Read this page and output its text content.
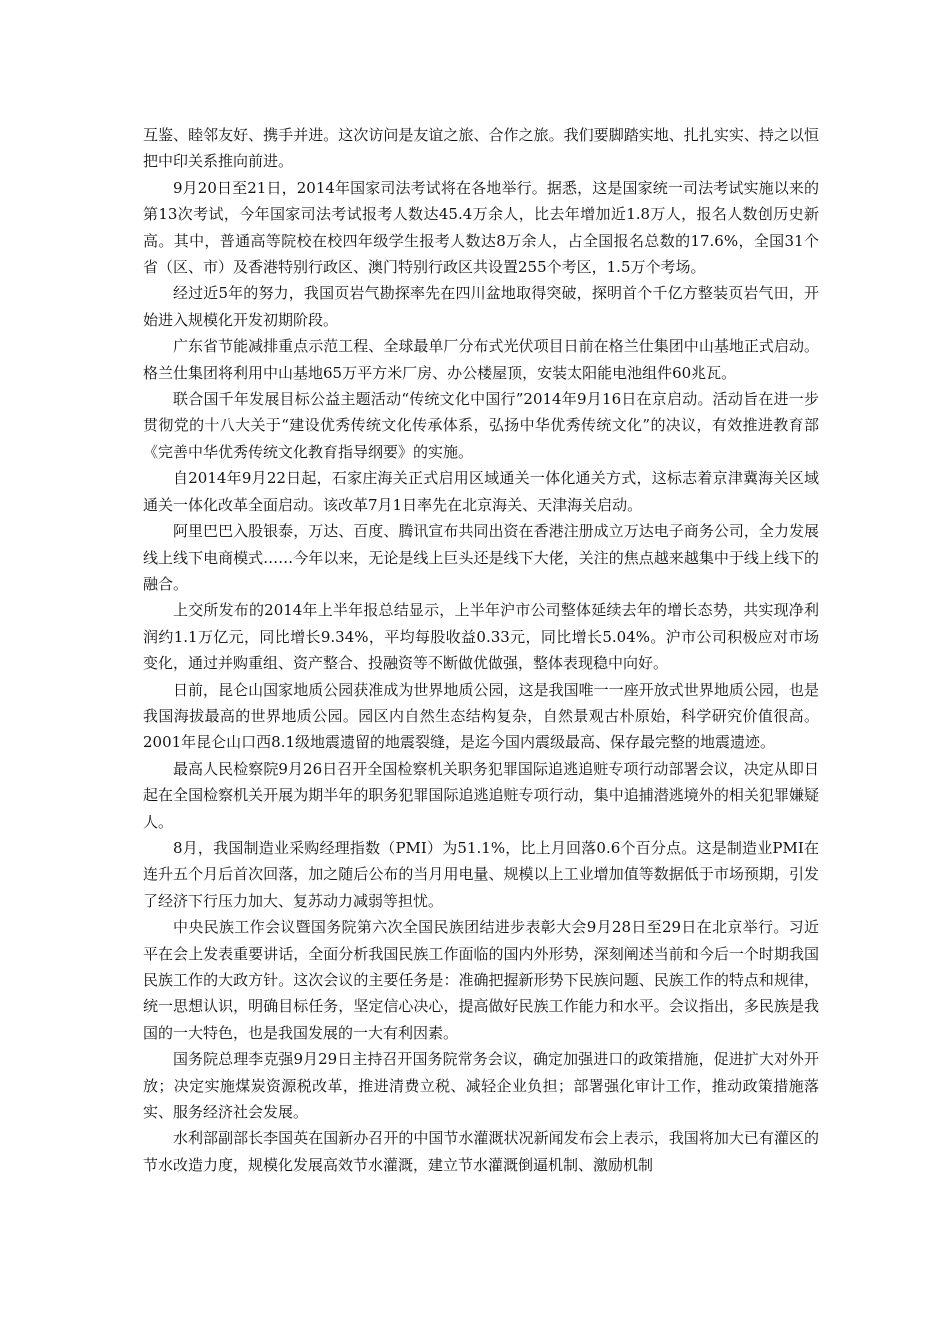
互鉴、睦邻友好、携手并进。这次访问是友谊之旅、合作之旅。我们要脚踏实地、扎扎实实、持之以恒把中印关系推向前进。

9月20日至21日，2014年国家司法考试将在各地举行。据悉，这是国家统一司法考试实施以来的第13次考试，今年国家司法考试报考人数达45.4万余人，比去年增加近1.8万人，报名人数创历史新高。其中，普通高等院校在校四年级学生报考人数达8万余人，占全国报名总数的17.6%，全国31个省（区、市）及香港特别行政区、澳门特别行政区共设置255个考区，1.5万个考场。

经过近5年的努力，我国页岩气勘探率先在四川盆地取得突破，探明首个千亿方整装页岩气田，开始进入规模化开发初期阶段。

广东省节能减排重点示范工程、全球最单厂分布式光伏项目日前在格兰仕集团中山基地正式启动。格兰仕集团将利用中山基地65万平方米厂房、办公楼屋顶，安装太阳能电池组件60兆瓦。

联合国千年发展目标公益主题活动“传统文化中国行”2014年9月16日在京启动。活动旨在进一步贯彻党的十八大关于“建设优秀传统文化传承体系，弘扬中华优秀传统文化”的决议，有效推进教育部《完善中华优秀传统文化教育指导纲要》的实施。

自2014年9月22日起，石家庄海关正式启用区域通关一体化通关方式，这标志着京津冀海关区域通关一体化改革全面启动。该改革7月1日率先在北京海关、天津海关启动。

阿里巴巴入股银泰，万达、百度、腾讯宣布共同出资在香港注册成立万达电子商务公司，全力发展线上线下电商模式……今年以来，无论是线上巨头还是线下大佬，关注的焦点越来越集中于线上线下的融合。

上交所发布的2014年上半年报总结显示，上半年沪市公司整体延续去年的增长态势，共实现净利润约1.1万亿元，同比增长9.34%，平均每股收益0.33元，同比增长5.04%。沪市公司积极应对市场变化，通过并购重组、资产整合、投融资等不断做优做强，整体表现稳中向好。

日前，昆仑山国家地质公园获准成为世界地质公园，这是我国唯一一座开放式世界地质公园，也是我国海拔最高的世界地质公园。园区内自然生态结构复杂，自然景观古朴原始，科学研究价值很高。2001年昆仑山口西8.1级地震遗留的地震裂缝，是迄今国内震级最高、保存最完整的地震遗迹。

最高人民检察院9月26日召开全国检察机关职务犯罪国际追逃追赃专项行动部署会议，决定从即日起在全国检察机关开展为期半年的职务犯罪国际追逃追赃专项行动，集中追捕潜逃境外的相关犯罪嫌疑人。

8月，我国制造业采购经理指数（PMI）为51.1%，比上月回落0.6个百分点。这是制造业PMI在连升五个月后首次回落，加之随后公布的当月用电量、规模以上工业增加值等数据低于市场预期，引发了经济下行压力加大、复苏动力减弱等担忧。

中央民族工作会议暨国务院第六次全国民族团结进步表彰大会9月28日至29日在北京举行。习近平在会上发表重要讲话，全面分析我国民族工作面临的国内外形势，深刻阐述当前和今后一个时期我国民族工作的大政方针。这次会议的主要任务是：准确把握新形势下民族问题、民族工作的特点和规律，统一思想认识，明确目标任务，坚定信心决心，提高做好民族工作能力和水平。会议指出，多民族是我国的一大特色，也是我国发展的一大有利因素。

国务院总理李克强9月29日主持召开国务院常务会议，确定加强进口的政策措施，促进扩大对外开放；决定实施煤炭资源税改革，推进清费立税、减轻企业负担；部署强化审计工作，推动政策措施落实、服务经济社会发展。

水利部副部长李国英在国新办召开的中国节水灌溉状况新闻发布会上表示，我国将加大已有灌区的节水改造力度，规模化发展高效节水灌溉，建立节水灌溉倒逼机制、激励机制
